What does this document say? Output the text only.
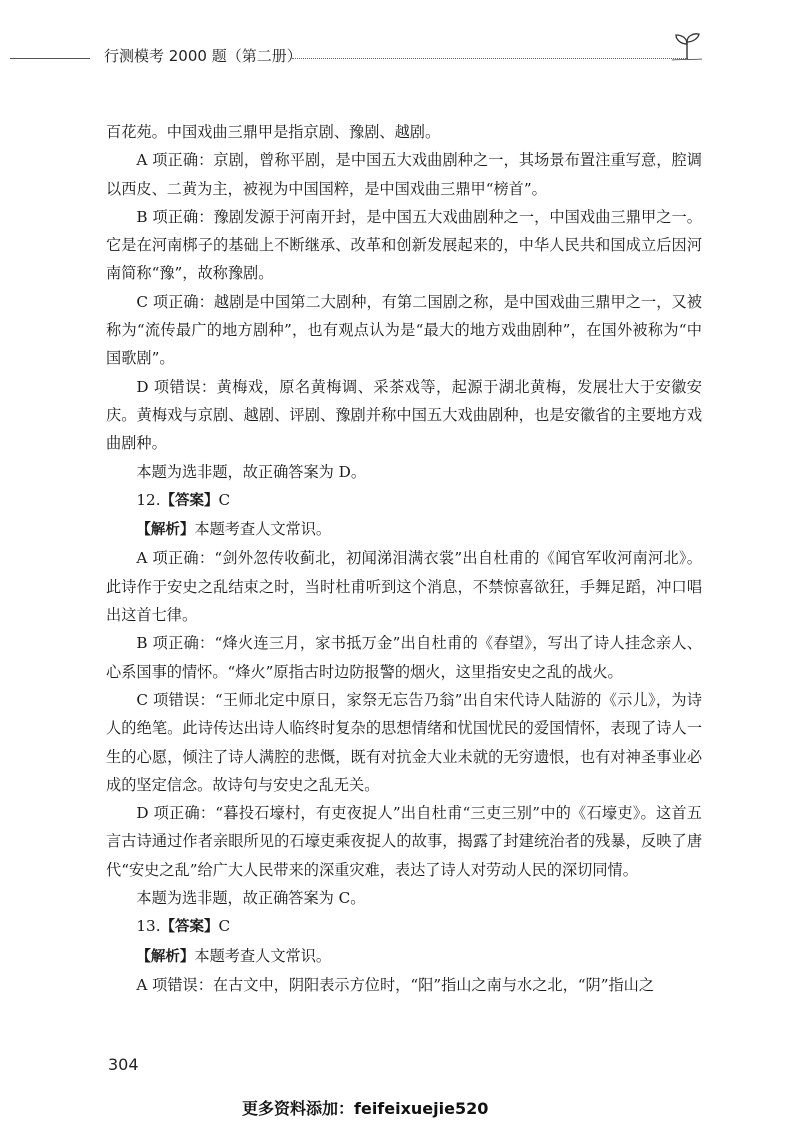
行测模考 2000 题（第二册）

百花苑。中国戏曲三鼎甲是指京剧、豫剧、越剧。

A 项正确：京剧，曾称平剧，是中国五大戏曲剧种之一，其场景布置注重写意，腔调以西皮、二黄为主，被视为中国国粹，是中国戏曲三鼎甲“榜首”。

B 项正确：豫剧发源于河南开封，是中国五大戏曲剧种之一，中国戏曲三鼎甲之一。它是在河南梆子的基础上不断继承、改革和创新发展起来的，中华人民共和国成立后因河南简称“豫”，故称豫剧。

C 项正确：越剧是中国第二大剧种，有第二国剧之称，是中国戏曲三鼎甲之一，又被称为“流传最广的地方剧种”，也有观点认为是“最大的地方戏曲剧种”，在国外被称为“中国歌剧”。

D 项错误：黄梅戏，原名黄梅调、采茶戏等，起源于湖北黄梅，发展壮大于安徽安庆。黄梅戏与京剧、越剧、评剧、豫剧并称中国五大戏曲剧种，也是安徽省的主要地方戏曲剧种。

本题为选非题，故正确答案为 D。

12.【答案】C

【解析】本题考查人文常识。

A 项正确：“剑外忽传收蓟北，初闻涕泪满衣裳”出自杜甫的《闻官军收河南河北》。此诗作于安史之乱结束之时，当时杜甫听到这个消息，不禁惊喜欲狂，手舞足蹈，冲口唱出这首七律。

B 项正确：“烽火连三月，家书抵万金”出自杜甫的《春望》，写出了诗人挂念亲人、心系国事的情怀。“烽火”原指古时边防报警的烟火，这里指安史之乱的战火。

C 项错误：“王师北定中原日，家祭无忘告乃翁”出自宋代诗人陆游的《示儿》，为诗人的绝笔。此诗传达出诗人临终时复杂的思想情绪和忧国忧民的爱国情怀，表现了诗人一生的心愿，倾注了诗人满腔的悲慨，既有对抗金大业未就的无穷遗恨，也有对神圣事业必成的坚定信念。故诗句与安史之乱无关。

D 项正确：“暮投石壕村，有吏夜捉人”出自杜甫“三吏三别”中的《石壕吏》。这首五言古诗通过作者亲眼所见的石壕吏乘夜捉人的故事，揭露了封建统治者的残暴，反映了唐代“安史之乱”给广大人民带来的深重灾难，表达了诗人对劳动人民的深切同情。

本题为选非题，故正确答案为 C。

13.【答案】C

【解析】本题考查人文常识。

A 项错误：在古文中，阴阳表示方位时，“阳”指山之南与水之北，“阴”指山之

304
更多资料添加：feifeixuejie520
